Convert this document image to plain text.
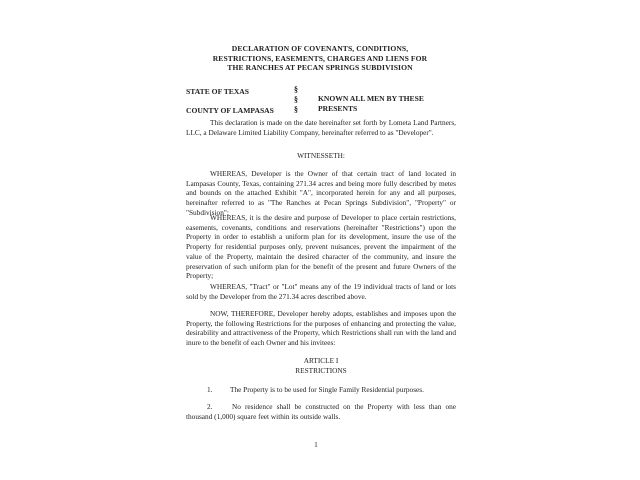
DECLARATION OF COVENANTS, CONDITIONS,
RESTRICTIONS, EASEMENTS, CHARGES AND LIENS FOR
THE RANCHES AT PECAN SPRINGS SUBDIVISION
STATE OF TEXAS
COUNTY OF LAMPASAS
§
§
§
KNOWN ALL MEN BY THESE
PRESENTS
This declaration is made on the date hereinafter set forth by Lometa Land Partners, LLC, a Delaware Limited Liability Company, hereinafter referred to as "Developer".
WITNESSETH:
WHEREAS, Developer is the Owner of that certain tract of land located in Lampasas County, Texas, containing 271.34 acres and being more fully described by metes and bounds on the attached Exhibit "A", incorporated herein for any and all purposes, hereinafter referred to as "The Ranches at Pecan Springs Subdivision", "Property" or "Subdivision";
WHEREAS, it is the desire and purpose of Developer to place certain restrictions, easements, covenants, conditions and reservations (hereinafter "Restrictions") upon the Property in order to establish a uniform plan for its development, insure the use of the Property for residential purposes only, prevent nuisances, prevent the impairment of the value of the Property, maintain the desired character of the community, and insure the preservation of such uniform plan for the benefit of the present and future Owners of the Property;
WHEREAS, "Tract" or "Lot" means any of the 19 individual tracts of land or lots sold by the Developer from the 271.34 acres described above.
NOW, THEREFORE, Developer hereby adopts, establishes and imposes upon the Property, the following Restrictions for the purposes of enhancing and protecting the value, desirability and attractiveness of the Property, which Restrictions shall run with the land and inure to the benefit of each Owner and his invitees:
ARTICLE I
RESTRICTIONS
1. The Property is to be used for Single Family Residential purposes.
2.	No residence shall be constructed on the Property with less than one thousand (1,000) square feet within its outside walls.
1
